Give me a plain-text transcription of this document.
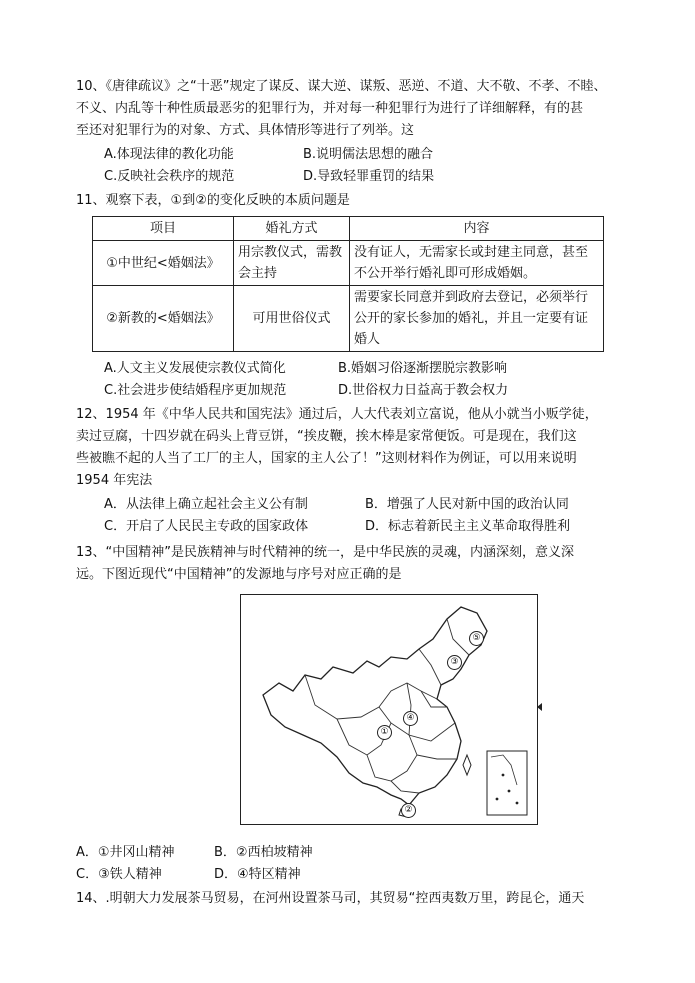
10、《唐律疏议》之“十恶”规定了谋反、谋大逆、谋叛、恶逆、不道、大不敬、不孝、不睦、
不义、内乱等十种性质最恶劣的犯罪行为，并对每一种犯罪行为进行了详细解释，有的甚
至还对犯罪行为的对象、方式、具体情形等进行了列举。这
A.体现法律的教化功能	B.说明儒法思想的融合
C.反映社会秩序的规范	D.导致轻罪重罚的结果
11、观察下表，①到②的变化反映的本质问题是
项目	婚礼方式	内容
①中世纪<婚姻法》	用宗教仪式，需教会主持	没有证人，无需家长或封建主同意，甚至不公开举行婚礼即可形成婚姻。
②新教的<婚姻法》	可用世俗仪式	需要家长同意并到政府去登记，必须举行公开的家长参加的婚礼，并且一定要有证婚人
A.人文主义发展使宗教仪式简化	B.婚姻习俗逐渐摆脱宗教影响
C.社会进步使结婚程序更加规范	D.世俗权力日益高于教会权力
12、1954 年《中华人民共和国宪法》通过后，人大代表刘立富说，他从小就当小贩学徒，
卖过豆腐，十四岁就在码头上背豆饼，“挨皮鞭，挨木棒是家常便饭。可是现在，我们这
些被瞧不起的人当了工厂的主人，国家的主人公了！”这则材料作为例证，可以用来说明
1954 年宪法
A．从法律上确立起社会主义公有制	B．增强了人民对新中国的政治认同
C．开启了人民民主专政的国家政体	D．标志着新民主主义革命取得胜利
13、“中国精神”是民族精神与时代精神的统一，是中华民族的灵魂，内涵深刻，意义深
远。下图近现代“中国精神”的发源地与序号对应正确的是
①
②
③
④
⑤
A．①井冈山精神	B．②西柏坡精神
C．③铁人精神	D．④特区精神
14、.明朝大力发展茶马贸易，在河州设置茶马司，其贸易“控西夷数万里，跨昆仑，通天
